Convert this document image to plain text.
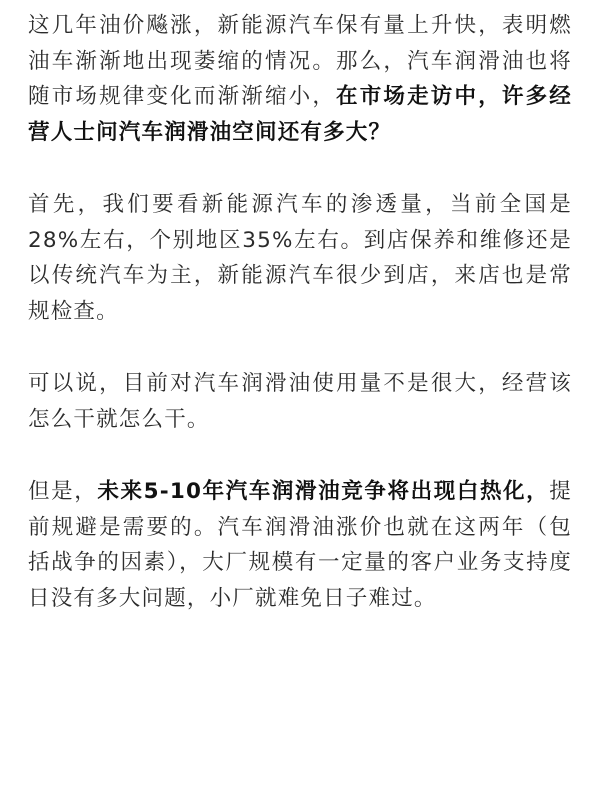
这几年油价飚涨，新能源汽车保有量上升快，表明燃油车渐渐地出现萎缩的情况。那么，汽车润滑油也将随市场规律变化而渐渐缩小，在市场走访中，许多经营人士问汽车润滑油空间还有多大？

首先，我们要看新能源汽车的渗透量，当前全国是28%左右，个别地区35%左右。到店保养和维修还是以传统汽车为主，新能源汽车很少到店，来店也是常规检查。

可以说，目前对汽车润滑油使用量不是很大，经营该怎么干就怎么干。

但是，未来5-10年汽车润滑油竞争将出现白热化，提前规避是需要的。汽车润滑油涨价也就在这两年（包括战争的因素），大厂规模有一定量的客户业务支持度日没有多大问题，小厂就难免日子难过。
